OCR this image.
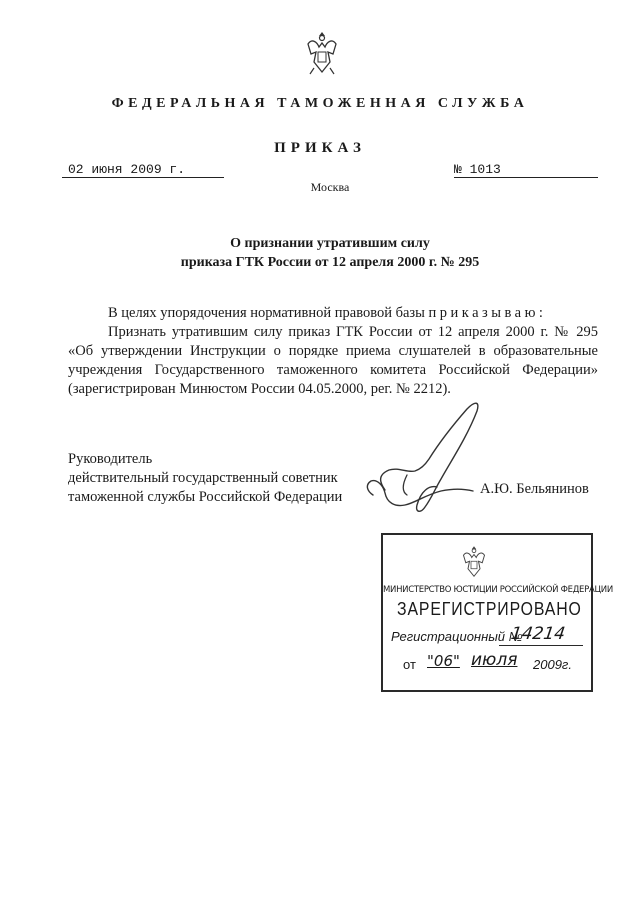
ФЕДЕРАЛЬНАЯ ТАМОЖЕННАЯ СЛУЖБА
ПРИКАЗ
02 июня 2009 г.	№ 1013
Москва
О признании утратившим силу
приказа ГТК России от 12 апреля 2000 г. № 295

В целях упорядочения нормативной правовой базы приказываю:

Признать утратившим силу приказ ГТК России от 12 апреля 2000 г. № 295

«Об утверждении Инструкции о порядке приема слушателей в образовательные

учреждения Государственного таможенного комитета Российской Федерации»

(зарегистрирован Минюстом России 04.05.2000, рег. № 2212).

Руководитель
действительный государственный советник
таможенной службы Российской Федерации	А.Ю. Бельянинов
МИНИСТЕРСТВО ЮСТИЦИИ РОССИЙСКОЙ ФЕДЕРАЦИИ
ЗАРЕГИСТРИРОВАНО
Регистрационный №
14214
от "06" июля 2009г.
